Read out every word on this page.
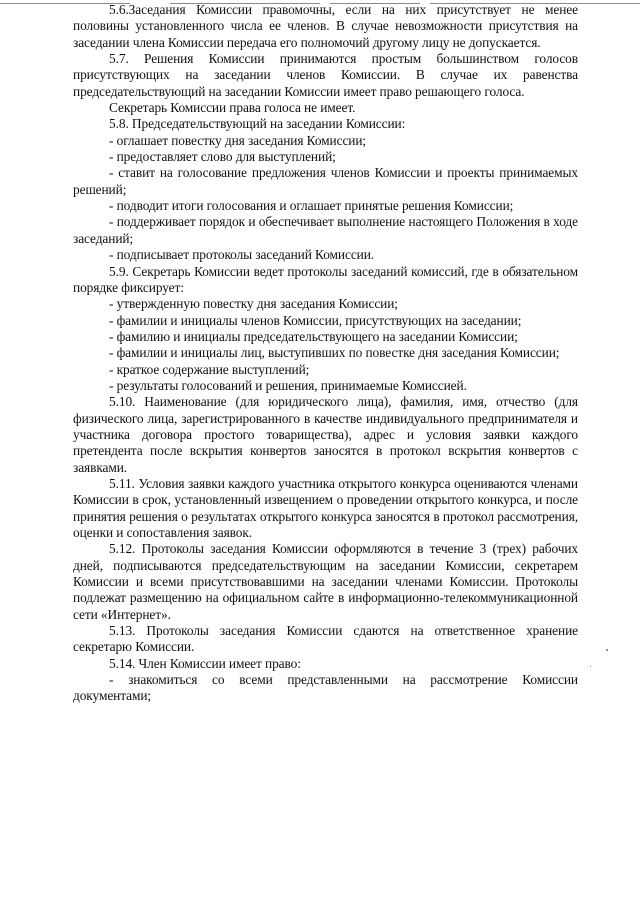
5.6.Заседания Комиссии правомочны, если на них присутствует не менее половины установленного числа ее членов. В случае невозможности присутствия на заседании члена Комиссии передача его полномочий другому лицу не допускается.

5.7. Решения Комиссии принимаются простым большинством голосов присутствующих на заседании членов Комиссии. В случае их равенства председательствующий на заседании Комиссии имеет право решающего голоса.

Секретарь Комиссии права голоса не имеет.

5.8. Председательствующий на заседании Комиссии:

- оглашает повестку дня заседания Комиссии;

- предоставляет слово для выступлений;

- ставит на голосование предложения членов Комиссии и проекты принимаемых решений;

- подводит итоги голосования и оглашает принятые решения Комиссии;

- поддерживает порядок и обеспечивает выполнение настоящего Положения в ходе заседаний;

- подписывает протоколы заседаний Комиссии.

5.9. Секретарь Комиссии ведет протоколы заседаний комиссий, где в обязательном порядке фиксирует:

- утвержденную повестку дня заседания Комиссии;

- фамилии и инициалы членов Комиссии, присутствующих на заседании;

- фамилию и инициалы председательствующего на заседании Комиссии;

- фамилии и инициалы лиц, выступивших по повестке дня заседания Комиссии;

- краткое содержание выступлений;

- результаты голосований и решения, принимаемые Комиссией.

5.10. Наименование (для юридического лица), фамилия, имя, отчество (для физического лица, зарегистрированного в качестве индивидуального предпринимателя и участника договора простого товарищества), адрес и условия заявки каждого претендента после вскрытия конвертов заносятся в протокол вскрытия конвертов с заявками.

5.11. Условия заявки каждого участника открытого конкурса оцениваются членами Комиссии в срок, установленный извещением о проведении открытого конкурса, и после принятия решения о результатах открытого конкурса заносятся в протокол рассмотрения, оценки и сопоставления заявок.

5.12. Протоколы заседания Комиссии оформляются в течение 3 (трех) рабочих дней, подписываются председательствующим на заседании Комиссии, секретарем Комиссии и всеми присутствовавшими на заседании членами Комиссии. Протоколы подлежат размещению на официальном сайте в информационно-телекоммуникационной сети «Интернет».

5.13. Протоколы заседания Комиссии сдаются на ответственное хранение секретарю Комиссии.

5.14. Член Комиссии имеет право:

- знакомиться со всеми представленными на рассмотрение Комиссии документами;
